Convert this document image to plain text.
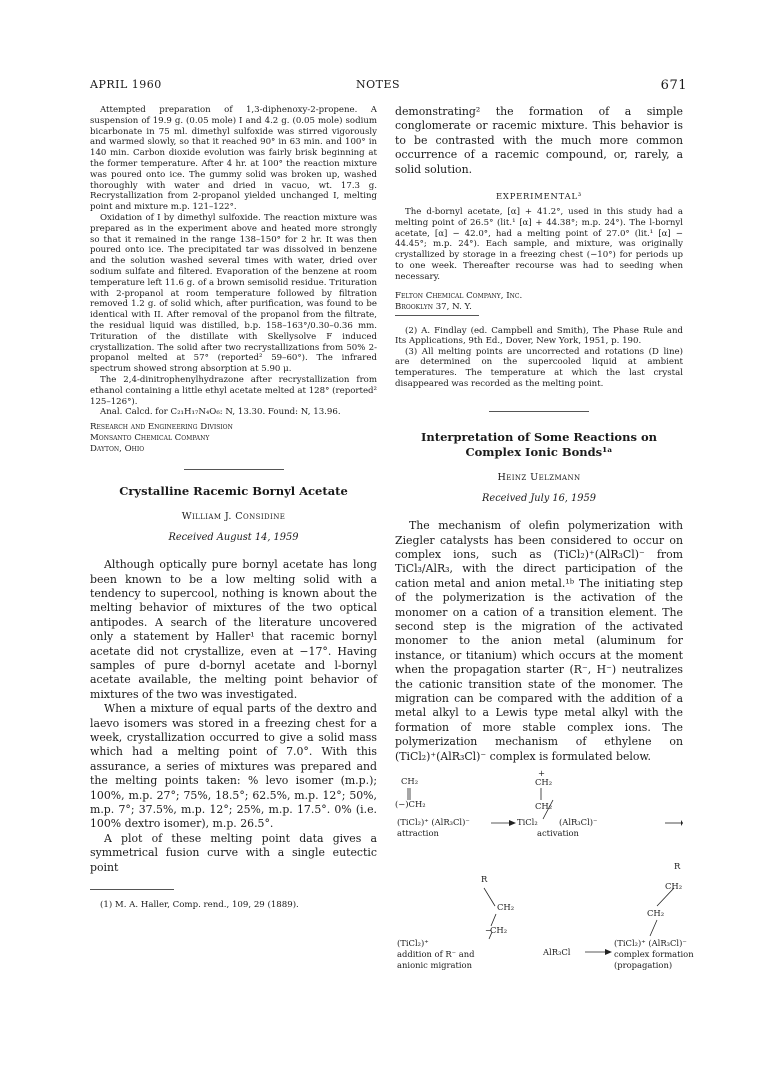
APRIL 1960	NOTES	671

Attempted preparation of 1,3-diphenoxy-2-propene. A suspension of 19.9 g. (0.05 mole) I and 4.2 g. (0.05 mole) sodium bicarbonate in 75 ml. dimethyl sulfoxide was stirred vigorously and warmed slowly, so that it reached 90° in 63 min. and 100° in 140 min. Carbon dioxide evolution was fairly brisk beginning at the former temperature. After 4 hr. at 100° the reaction mixture was poured onto ice. The gummy solid was broken up, washed thoroughly with water and dried in vacuo, wt. 17.3 g. Recrystallization from 2-propanol yielded unchanged I, melting point and mixture m.p. 121–122°.

Oxidation of I by dimethyl sulfoxide. The reaction mixture was prepared as in the experiment above and heated more strongly so that it remained in the range 138–150° for 2 hr. It was then poured onto ice. The precipitated tar was dissolved in benzene and the solution washed several times with water, dried over sodium sulfate and filtered. Evaporation of the benzene at room temperature left 11.6 g. of a brown semisolid residue. Trituration with 2-propanol at room temperature followed by filtration removed 1.2 g. of solid which, after purification, was found to be identical with II. After removal of the propanol from the filtrate, the residual liquid was distilled, b.p. 158–163°/0.30–0.36 mm. Trituration of the distillate with Skellysolve F induced crystallization. The solid after two recrystallizations from 50% 2-propanol melted at 57° (reported² 59–60°). The infrared spectrum showed strong absorption at 5.90 μ.

The 2,4-dinitrophenylhydrazone after recrystallization from ethanol containing a little ethyl acetate melted at 128° (reported² 125–126°).

Anal. Calcd. for C₂₁H₁₇N₄O₆: N, 13.30. Found: N, 13.96.

Research and Engineering Division
Monsanto Chemical Company
Dayton, Ohio
Crystalline Racemic Bornyl Acetate
William J. Considine
Received August 14, 1959

Although optically pure bornyl acetate has long been known to be a low melting solid with a tendency to supercool, nothing is known about the melting behavior of mixtures of the two optical antipodes. A search of the literature uncovered only a statement by Haller¹ that racemic bornyl acetate did not crystallize, even at −17°. Having samples of pure d-bornyl acetate and l-bornyl acetate available, the melting point behavior of mixtures of the two was investigated.

When a mixture of equal parts of the dextro and laevo isomers was stored in a freezing chest for a week, crystallization occurred to give a solid mass which had a melting point of 7.0°. With this assurance, a series of mixtures was prepared and the melting points taken: % levo isomer (m.p.); 100%, m.p. 27°; 75%, 18.5°; 62.5%, m.p. 12°; 50%, m.p. 7°; 37.5%, m.p. 12°; 25%, m.p. 17.5°. 0% (i.e. 100% dextro isomer), m.p. 26.5°.

A plot of these melting point data gives a symmetrical fusion curve with a single eutectic point

(1) M. A. Haller, Comp. rend., 109, 29 (1889).

demonstrating² the formation of a simple conglomerate or racemic mixture. This behavior is to be contrasted with the much more common occurrence of a racemic compound, or, rarely, a solid solution.

EXPERIMENTAL³

The d-bornyl acetate, [α] + 41.2°, used in this study had a melting point of 26.5° (lit.¹ [α] + 44.38°; m.p. 24°). The l-bornyl acetate, [α] − 42.0°, had a melting point of 27.0° (lit.¹ [α] − 44.45°; m.p. 24°). Each sample, and mixture, was originally crystallized by storage in a freezing chest (−10°) for periods up to one week. Thereafter recourse was had to seeding when necessary.

Felton Chemical Company, Inc.
Brooklyn 37, N. Y.

(2) A. Findlay (ed. Campbell and Smith), The Phase Rule and Its Applications, 9th Ed., Dover, New York, 1951, p. 190.

(3) All melting points are uncorrected and rotations (D line) are determined on the supercooled liquid at ambient temperatures. The temperature at which the last crystal disappeared was recorded as the melting point.

Interpretation of Some Reactions on
Complex Ionic Bonds¹ᵃ
Heinz Uelzmann
Received July 16, 1959

The mechanism of olefin polymerization with Ziegler catalysts has been considered to occur on complex ions, such as (TiCl₂)⁺(AlR₃Cl)⁻ from TiCl₃/AlR₃, with the direct participation of the cation metal and anion metal.¹ᵇ The initiating step of the polymerization is the activation of the monomer on a cation of a transition element. The second step is the migration of the activated monomer to the anion metal (aluminum for instance, or titanium) which occurs at the moment when the propagation starter (R⁻, H⁻) neutralizes the cationic transition state of the monomer. The migration can be compared with the addition of a metal alkyl to a Lewis type metal alkyl with the formation of more stable complex ions. The polymerization mechanism of ethylene on (TiCl₂)⁺(AlR₃Cl)⁻ complex is formulated below.

CH₂
+
CH₂
(−)CH₂	CH₂
(TiCl₂)⁺ (AlR₃Cl)⁻	TiCl₂	(AlR₃Cl)⁻
attraction	activation
R
CH₂
−
CH₂
R
CH₂
CH₂
(TiCl₂)⁺
AlR₃Cl
(TiCl₂)⁺ (AlR₃Cl)⁻
addition of R⁻ and
anionic migration
complex formation
(propagation)
